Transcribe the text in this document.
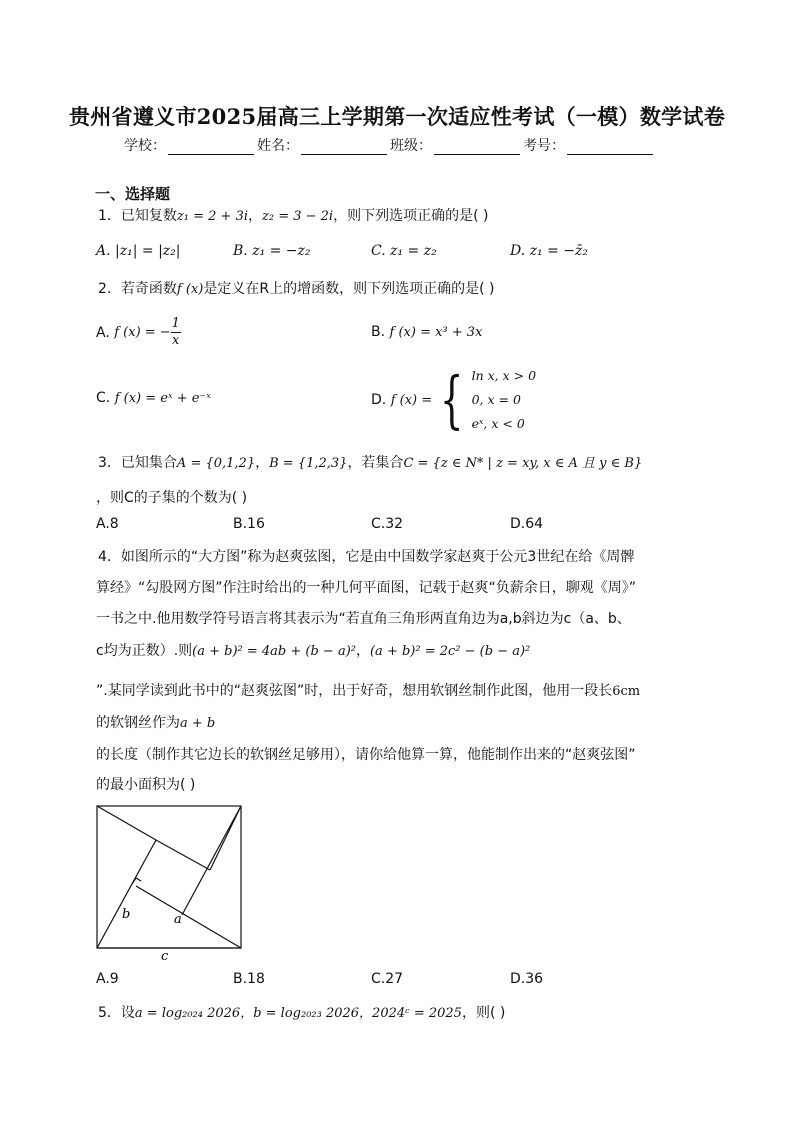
贵州省遵义市2025届高三上学期第一次适应性考试（一模）数学试卷
学校：	姓名：	班级：	考号：
一、选择题
1．已知复数z₁ = 2 + 3i，z₂ = 3 − 2i，则下列选项正确的是( )
A. |z₁| = |z₂|	B. z₁ = −z₂	C. z₁ = z₂	D. z₁ = −z̄₂
2．若奇函数f (x)是定义在R上的增函数，则下列选项正确的是( )
A.
f (x) = − $\frac{1}{x}$	B. f (x) = x³ + 3x
C. f (x) = eˣ + e⁻ˣ	D.
f (x) = { ln x, x > 0
0, x = 0
eˣ, x < 0
3．已知集合A = {0,1,2}，B = {1,2,3}，若集合C = {z ∈ N* | z = xy, x ∈ A 且 y ∈ B}
，则C的子集的个数为( )
A.8	B.16	C.32	D.64
4．如图所示的“大方图”称为赵爽弦图，它是由中国数学家赵爽于公元3世纪在给《周髀
算经》“勾股网方图”作注时给出的一种几何平面图，记载于赵爽“负薪余日，聊观《周》”
一书之中.他用数学符号语言将其表示为“若直角三角形两直角边为a,b斜边为c（a、b、
c均为正数）.则(a + b)² = 4ab + (b − a)²，(a + b)² = 2c² − (b − a)²
”.某同学读到此书中的“赵爽弦图”时，出于好奇，想用软钢丝制作此图，他用一段长6cm
的软钢丝作为a + b
的长度（制作其它边长的软钢丝足够用），请你给他算一算，他能制作出来的“赵爽弦图”
的最小面积为( )
b	a
c
A.9	B.18	C.27	D.36
5．设a = log₂₀₂₄ 2026，b = log₂₀₂₃ 2026，2024ᶜ = 2025，则( )
